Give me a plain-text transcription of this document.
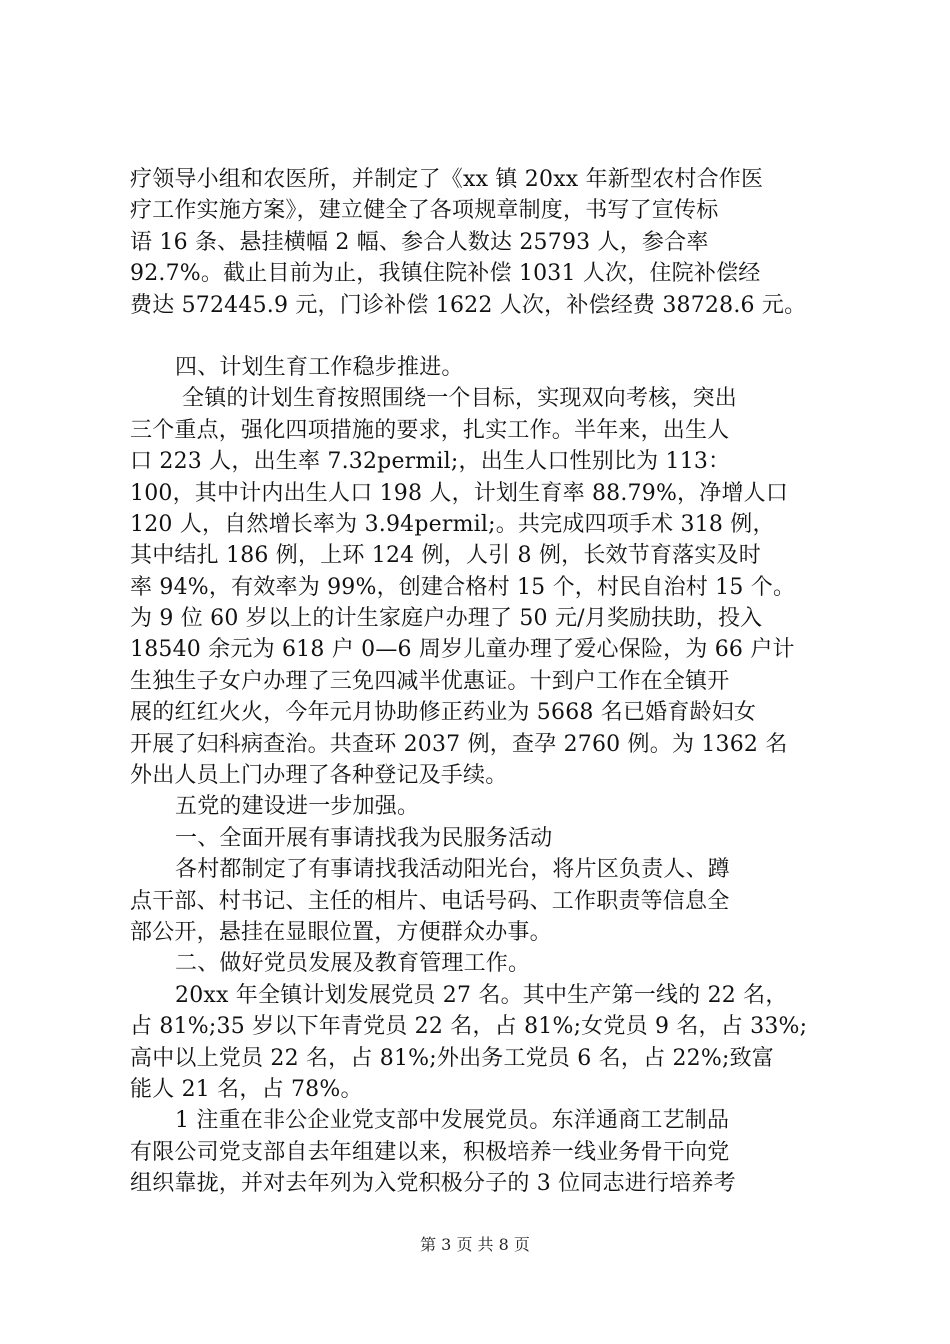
疗领导小组和农医所，并制定了《xx 镇 20xx 年新型农村合作医
疗工作实施方案》，建立健全了各项规章制度，书写了宣传标
语 16 条、悬挂横幅 2 幅、参合人数达 25793 人，参合率
92.7%。截止目前为止，我镇住院补偿 1031 人次，住院补偿经
费达 572445.9 元，门诊补偿 1622 人次，补偿经费 38728.6 元。
四、计划生育工作稳步推进。
全镇的计划生育按照围绕一个目标，实现双向考核，突出
三个重点，强化四项措施的要求，扎实工作。半年来，出生人
口 223 人，出生率 7.32permil;，出生人口性别比为 113：
100，其中计内出生人口 198 人，计划生育率 88.79%，净增人口
120 人，自然增长率为 3.94permil;。共完成四项手术 318 例，
其中结扎 186 例，上环 124 例，人引 8 例，长效节育落实及时
率 94%，有效率为 99%，创建合格村 15 个，村民自治村 15 个。
为 9 位 60 岁以上的计生家庭户办理了 50 元/月奖励扶助，投入
18540 余元为 618 户 0—6 周岁儿童办理了爱心保险，为 66 户计
生独生子女户办理了三免四减半优惠证。十到户工作在全镇开
展的红红火火，今年元月协助修正药业为 5668 名已婚育龄妇女
开展了妇科病查治。共查环 2037 例，查孕 2760 例。为 1362 名
外出人员上门办理了各种登记及手续。
五党的建设进一步加强。
一、全面开展有事请找我为民服务活动
各村都制定了有事请找我活动阳光台，将片区负责人、蹲
点干部、村书记、主任的相片、电话号码、工作职责等信息全
部公开，悬挂在显眼位置，方便群众办事。
二、做好党员发展及教育管理工作。
20xx 年全镇计划发展党员 27 名。其中生产第一线的 22 名，
占 81%;35 岁以下年青党员 22 名，占 81%;女党员 9 名，占 33%;
高中以上党员 22 名，占 81%;外出务工党员 6 名，占 22%;致富
能人 21 名，占 78%。
1 注重在非公企业党支部中发展党员。东洋通商工艺制品
有限公司党支部自去年组建以来，积极培养一线业务骨干向党
组织靠拢，并对去年列为入党积极分子的 3 位同志进行培养考
第 3 页 共 8 页
